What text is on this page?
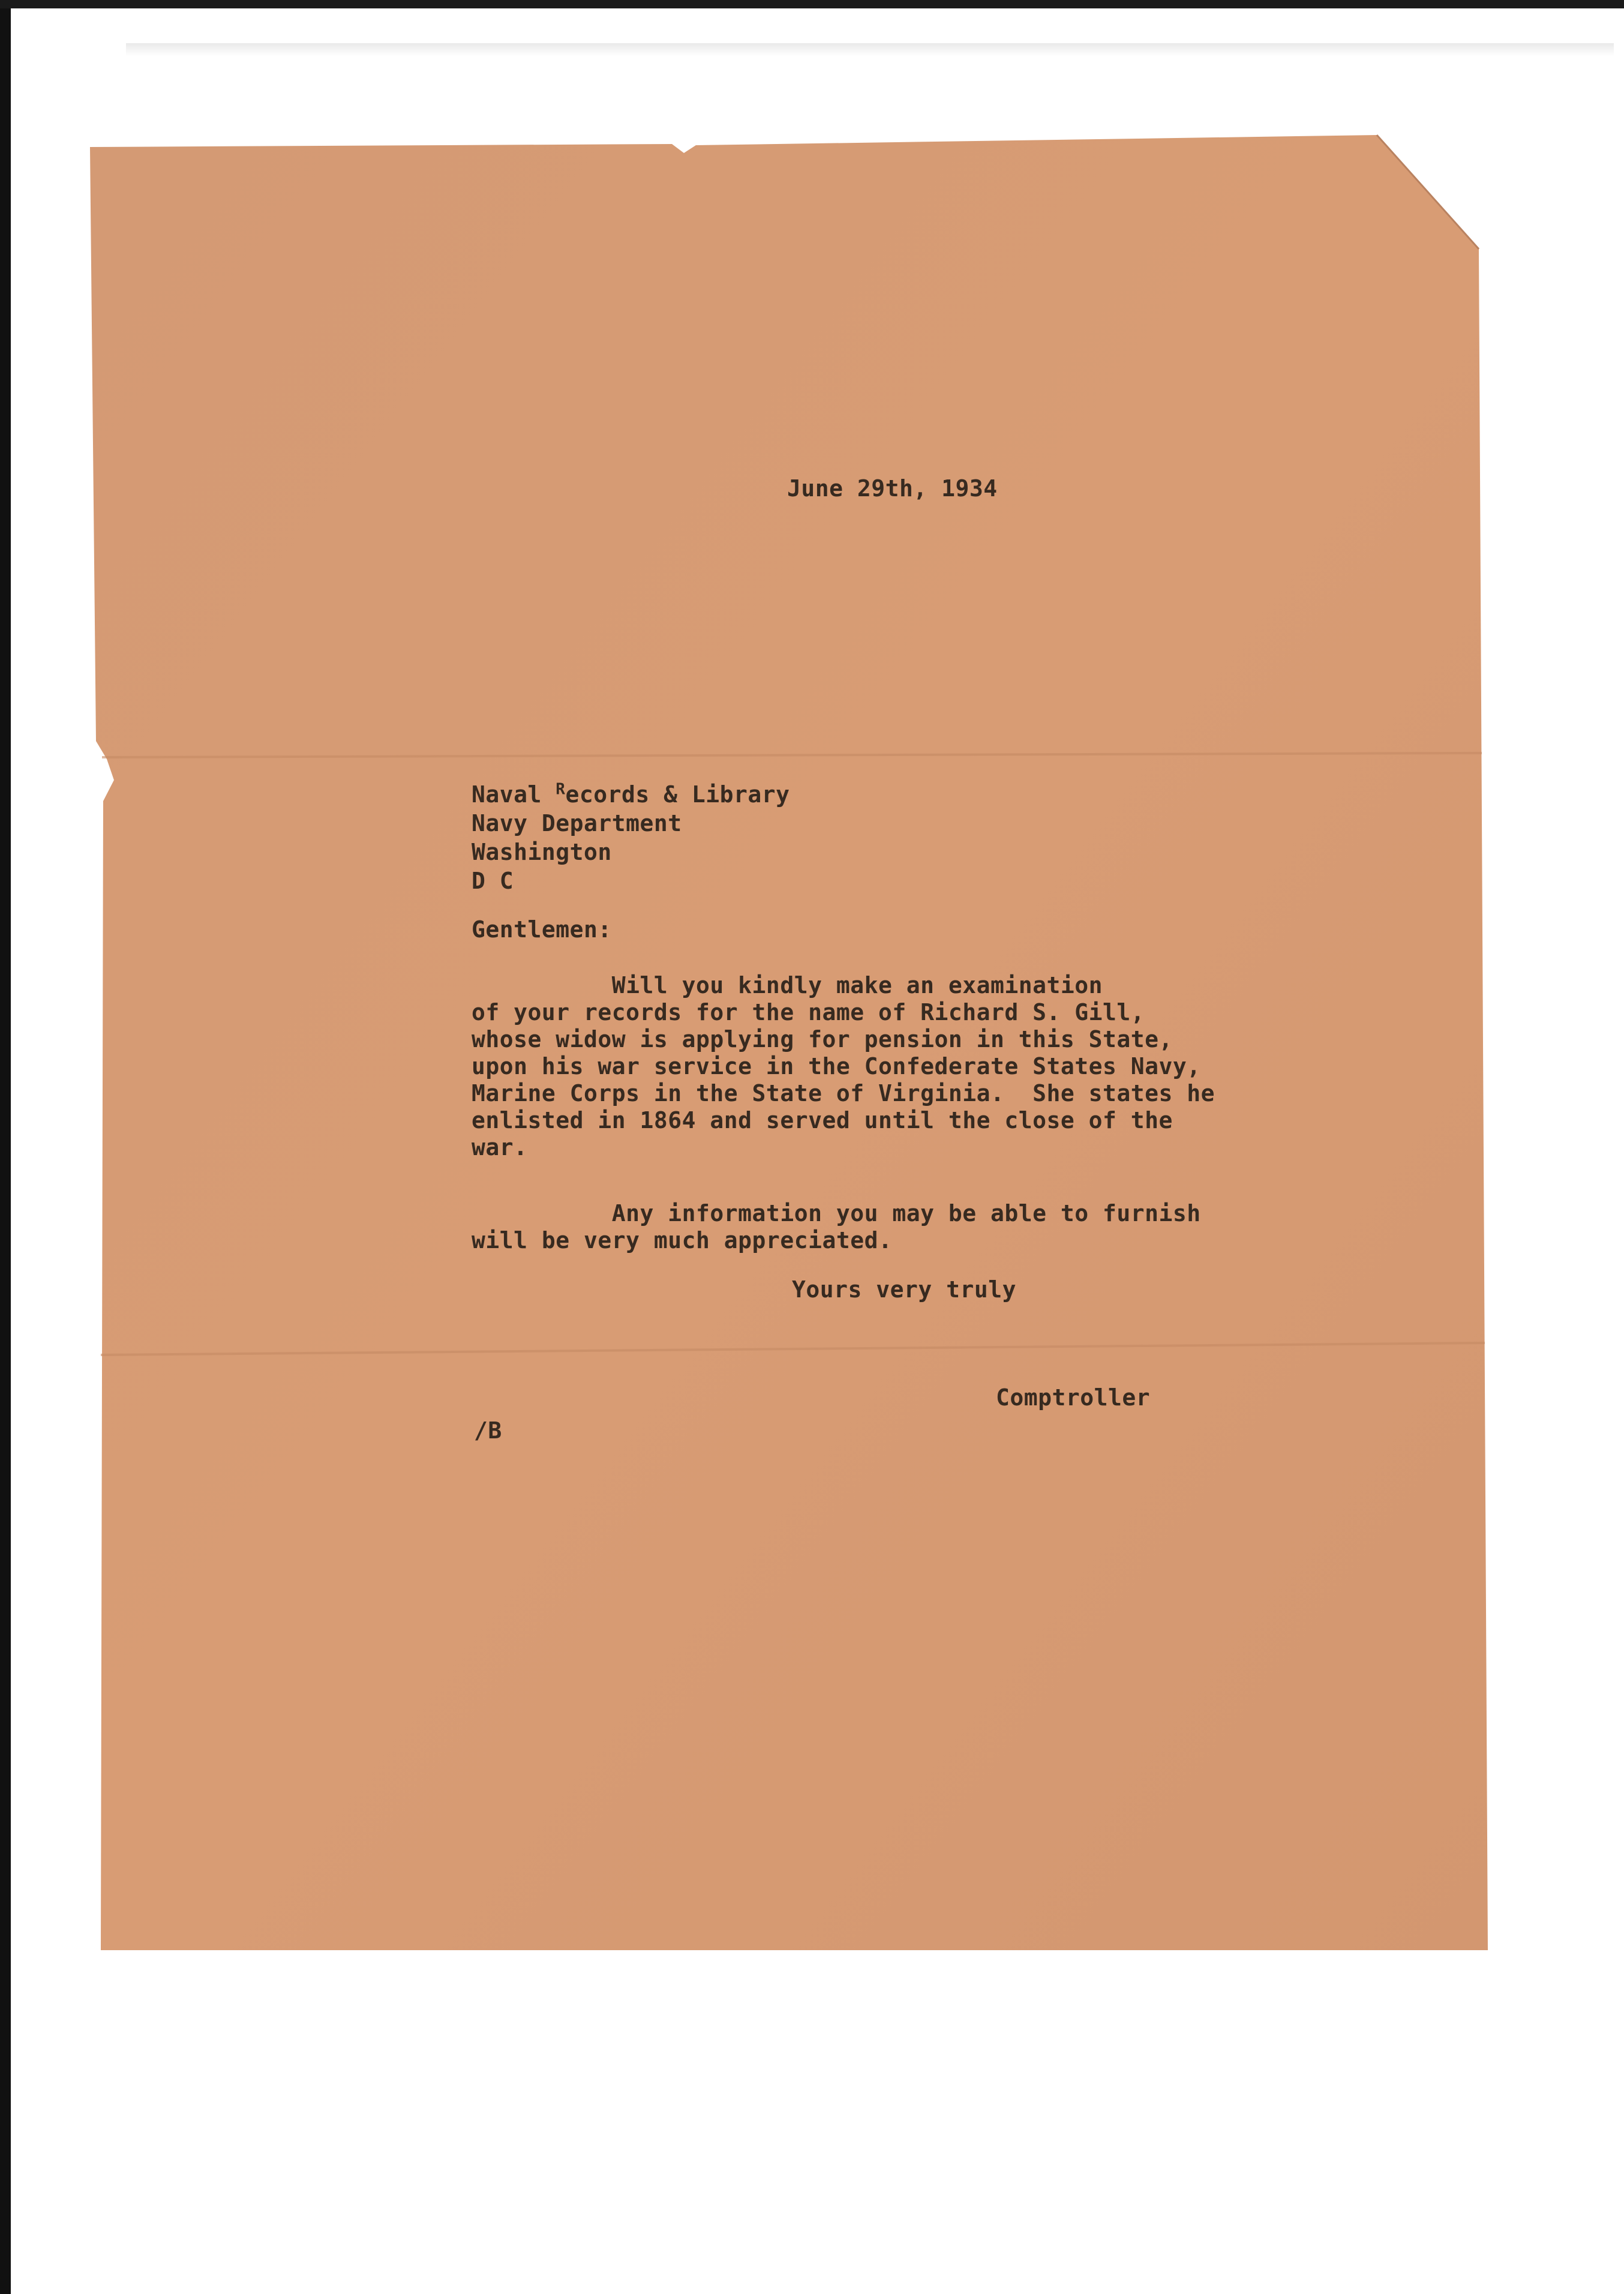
June 29th, 1934
Naval $^R$ecords & Library
Navy Department
Washington
D C
Gentlemen:
Will you kindly make an examination
of your records for the name of Richard S. Gill,
whose widow is applying for pension in this State,
upon his war service in the Confederate States Navy,
Marine Corps in the State of Virginia.  She states he
enlisted in 1864 and served until the close of the
war.
Any information you may be able to furnish
will be very much appreciated.
Yours very truly
Comptroller
/B
